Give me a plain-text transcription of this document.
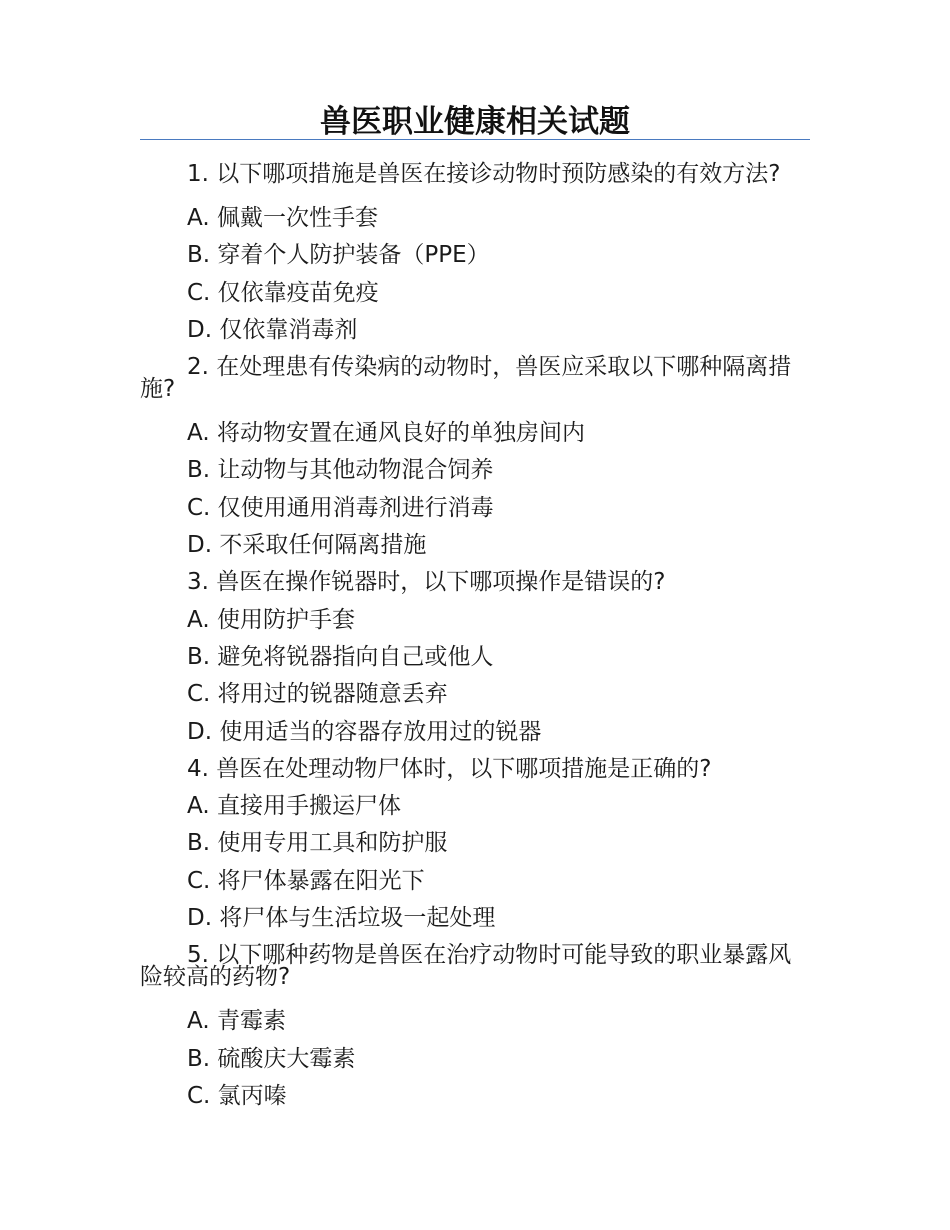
兽医职业健康相关试题
1. 以下哪项措施是兽医在接诊动物时预防感染的有效方法?
A. 佩戴一次性手套
B. 穿着个人防护装备（PPE）
C. 仅依靠疫苗免疫
D. 仅依靠消毒剂
2. 在处理患有传染病的动物时，兽医应采取以下哪种隔离措施?
A. 将动物安置在通风良好的单独房间内
B. 让动物与其他动物混合饲养
C. 仅使用通用消毒剂进行消毒
D. 不采取任何隔离措施
3. 兽医在操作锐器时，以下哪项操作是错误的?
A. 使用防护手套
B. 避免将锐器指向自己或他人
C. 将用过的锐器随意丢弃
D. 使用适当的容器存放用过的锐器
4. 兽医在处理动物尸体时，以下哪项措施是正确的?
A. 直接用手搬运尸体
B. 使用专用工具和防护服
C. 将尸体暴露在阳光下
D. 将尸体与生活垃圾一起处理
5. 以下哪种药物是兽医在治疗动物时可能导致的职业暴露风险较高的药物?
A. 青霉素
B. 硫酸庆大霉素
C. 氯丙嗪
